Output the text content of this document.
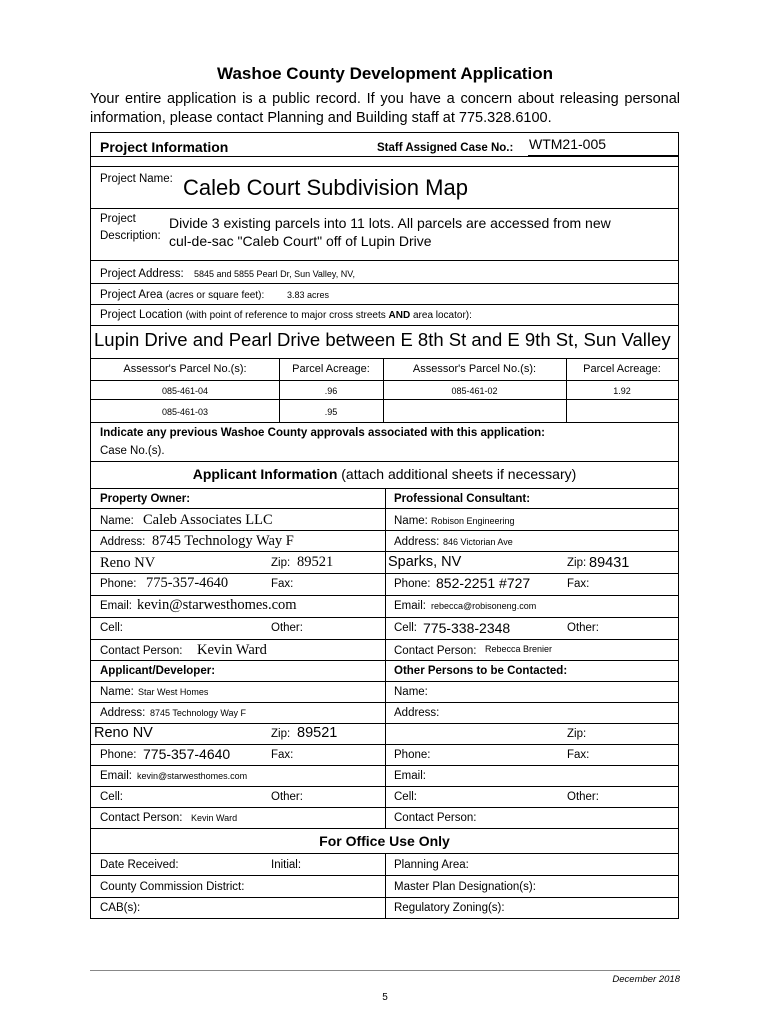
Washoe County Development Application
Your entire application is a public record. If you have a concern about releasing personal information, please contact Planning and Building staff at 775.328.6100.
Project Information	Staff Assigned Case No.: WTM21-005
Project Name: Caleb Court Subdivision Map
Project
Description:
Divide 3 existing parcels into 11 lots. All parcels are accessed from new
cul-de-sac "Caleb Court" off of Lupin Drive
Project Address: 5845 and 5855 Pearl Dr, Sun Valley, NV,
Project Area (acres or square feet):	3.83 acres
Project Location (with point of reference to major cross streets AND area locator):
Lupin Drive and Pearl Drive between E 8th St and E 9th St, Sun Valley
Assessor's Parcel No.(s):	Parcel Acreage:	Assessor's Parcel No.(s):	Parcel Acreage:
085-461-04	.96	085-461-02	1.92
085-461-03	.95
Indicate any previous Washoe County approvals associated with this application:
Case No.(s).
Applicant Information (attach additional sheets if necessary)
Property Owner:	Professional Consultant:
Name: Caleb Associates LLC	Name: Robison Engineering
Address: 8745 Technology Way F	Address: 846 Victorian Ave
Reno NV	Zip: 89521	Sparks, NV	Zip: 89431
Phone: 775-357-4640	Fax:	Phone: 852-2251 #727	Fax:
Email: kevin@starwesthomes.com	Email: rebecca@robisoneng.com
Cell:	Other:	Cell: 775-338-2348	Other:
Contact Person: Kevin Ward	Contact Person: Rebecca Brenier
Applicant/Developer:	Other Persons to be Contacted:
Name: Star West Homes	Name:
Address: 8745 Technology Way F	Address:
Reno NV	Zip: 89521	Zip:
Phone: 775-357-4640	Fax:	Phone:	Fax:
Email: kevin@starwesthomes.com	Email:
Cell:	Other:	Cell:	Other:
Contact Person: Kevin Ward	Contact Person:
For Office Use Only
Date Received:	Initial:	Planning Area:
County Commission District:	Master Plan Designation(s):
CAB(s):	Regulatory Zoning(s):
December 2018
5
